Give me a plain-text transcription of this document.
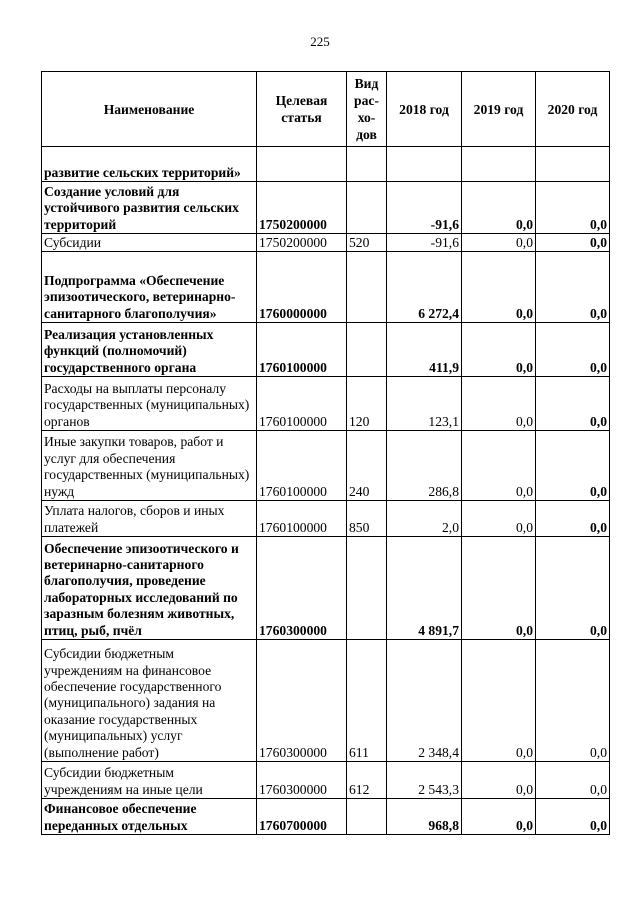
225
Наименование	Целевая статья	Вид рас-хо-дов	2018 год	2019 год	2020 год
развитие сельских территорий»					
Создание условий для устойчивого развития сельских территорий	1750200000		-91,6	0,0	0,0
Субсидии	1750200000	520	-91,6	0,0	0,0
Подпрограмма «Обеспечение эпизоотического, ветеринарно-санитарного благополучия»	1760000000		6 272,4	0,0	0,0
Реализация установленных функций (полномочий) государственного органа	1760100000		411,9	0,0	0,0
Расходы на выплаты персоналу государственных (муниципальных) органов	1760100000	120	123,1	0,0	0,0
Иные закупки товаров, работ и услуг для обеспечения государственных (муниципальных) нужд	1760100000	240	286,8	0,0	0,0
Уплата налогов, сборов и иных платежей	1760100000	850	2,0	0,0	0,0
Обеспечение эпизоотического и ветеринарно-санитарного благополучия, проведение лабораторных исследований по заразным болезням животных, птиц, рыб, пчёл	1760300000		4 891,7	0,0	0,0
Субсидии бюджетным учреждениям на финансовое обеспечение государственного (муниципального) задания на оказание государственных (муниципальных) услуг (выполнение работ)	1760300000	611	2 348,4	0,0	0,0
Субсидии бюджетным учреждениям на иные цели	1760300000	612	2 543,3	0,0	0,0
Финансовое обеспечение переданных отдельных	1760700000		968,8	0,0	0,0
